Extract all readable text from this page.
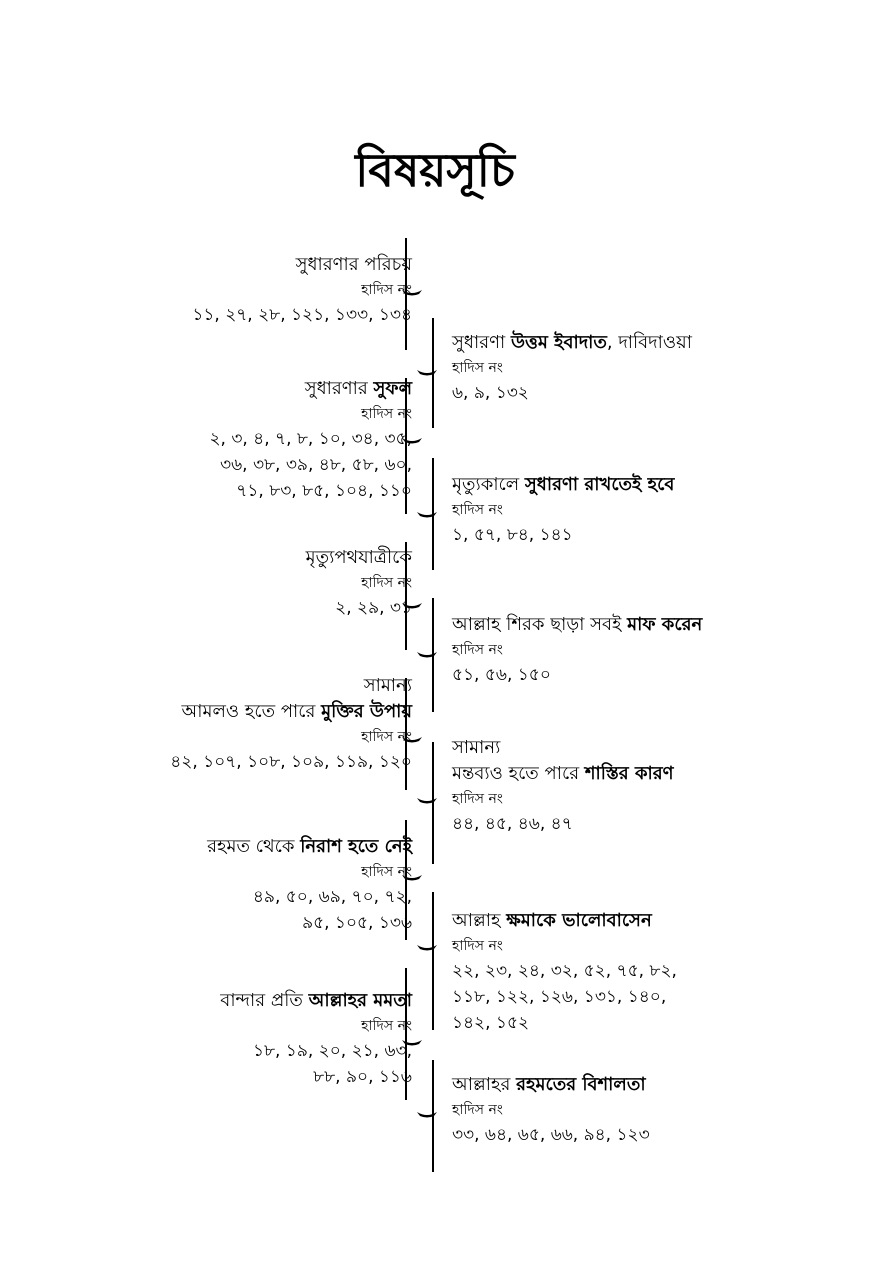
বিষয়সূচি
সুধারণার পরিচয়
হাদিস নং
১১, ২৭, ২৮, ১২১, ১৩৩, ১৩৪
সুধারণার সুফল
হাদিস নং
২, ৩, ৪, ৭, ৮, ১০, ৩৪, ৩৫,
৩৬, ৩৮, ৩৯, ৪৮, ৫৮, ৬০,
৭১, ৮৩, ৮৫, ১০৪, ১১০
মৃত্যুপথযাত্রীকে
হাদিস নং
২, ২৯, ৩১
সামান্য
আমলও হতে পারে মুক্তির উপায়
হাদিস নং
৪২, ১০৭, ১০৮, ১০৯, ১১৯, ১২০
রহমত থেকে নিরাশ হতে নেই
হাদিস নং
৪৯, ৫০, ৬৯, ৭০, ৭২,
৯৫, ১০৫, ১৩৬
বান্দার প্রতি আল্লাহর মমতা
হাদিস নং
১৮, ১৯, ২০, ২১, ৬৩,
৮৮, ৯০, ১১৬
সুধারণা উত্তম ইবাদাত, দাবিদাওয়া
হাদিস নং
৬, ৯, ১৩২
মৃত্যুকালে সুধারণা রাখতেই হবে
হাদিস নং
১, ৫৭, ৮৪, ১৪১
আল্লাহ শিরক ছাড়া সবই মাফ করেন
হাদিস নং
৫১, ৫৬, ১৫০
সামান্য
মন্তব্যও হতে পারে শাস্তির কারণ
হাদিস নং
৪৪, ৪৫, ৪৬, ৪৭
আল্লাহ ক্ষমাকে ভালোবাসেন
হাদিস নং
২২, ২৩, ২৪, ৩২, ৫২, ৭৫, ৮২,
১১৮, ১২২, ১২৬, ১৩১, ১৪০,
১৪২, ১৫২
আল্লাহর রহমতের বিশালতা
হাদিস নং
৩৩, ৬৪, ৬৫, ৬৬, ৯৪, ১২৩
